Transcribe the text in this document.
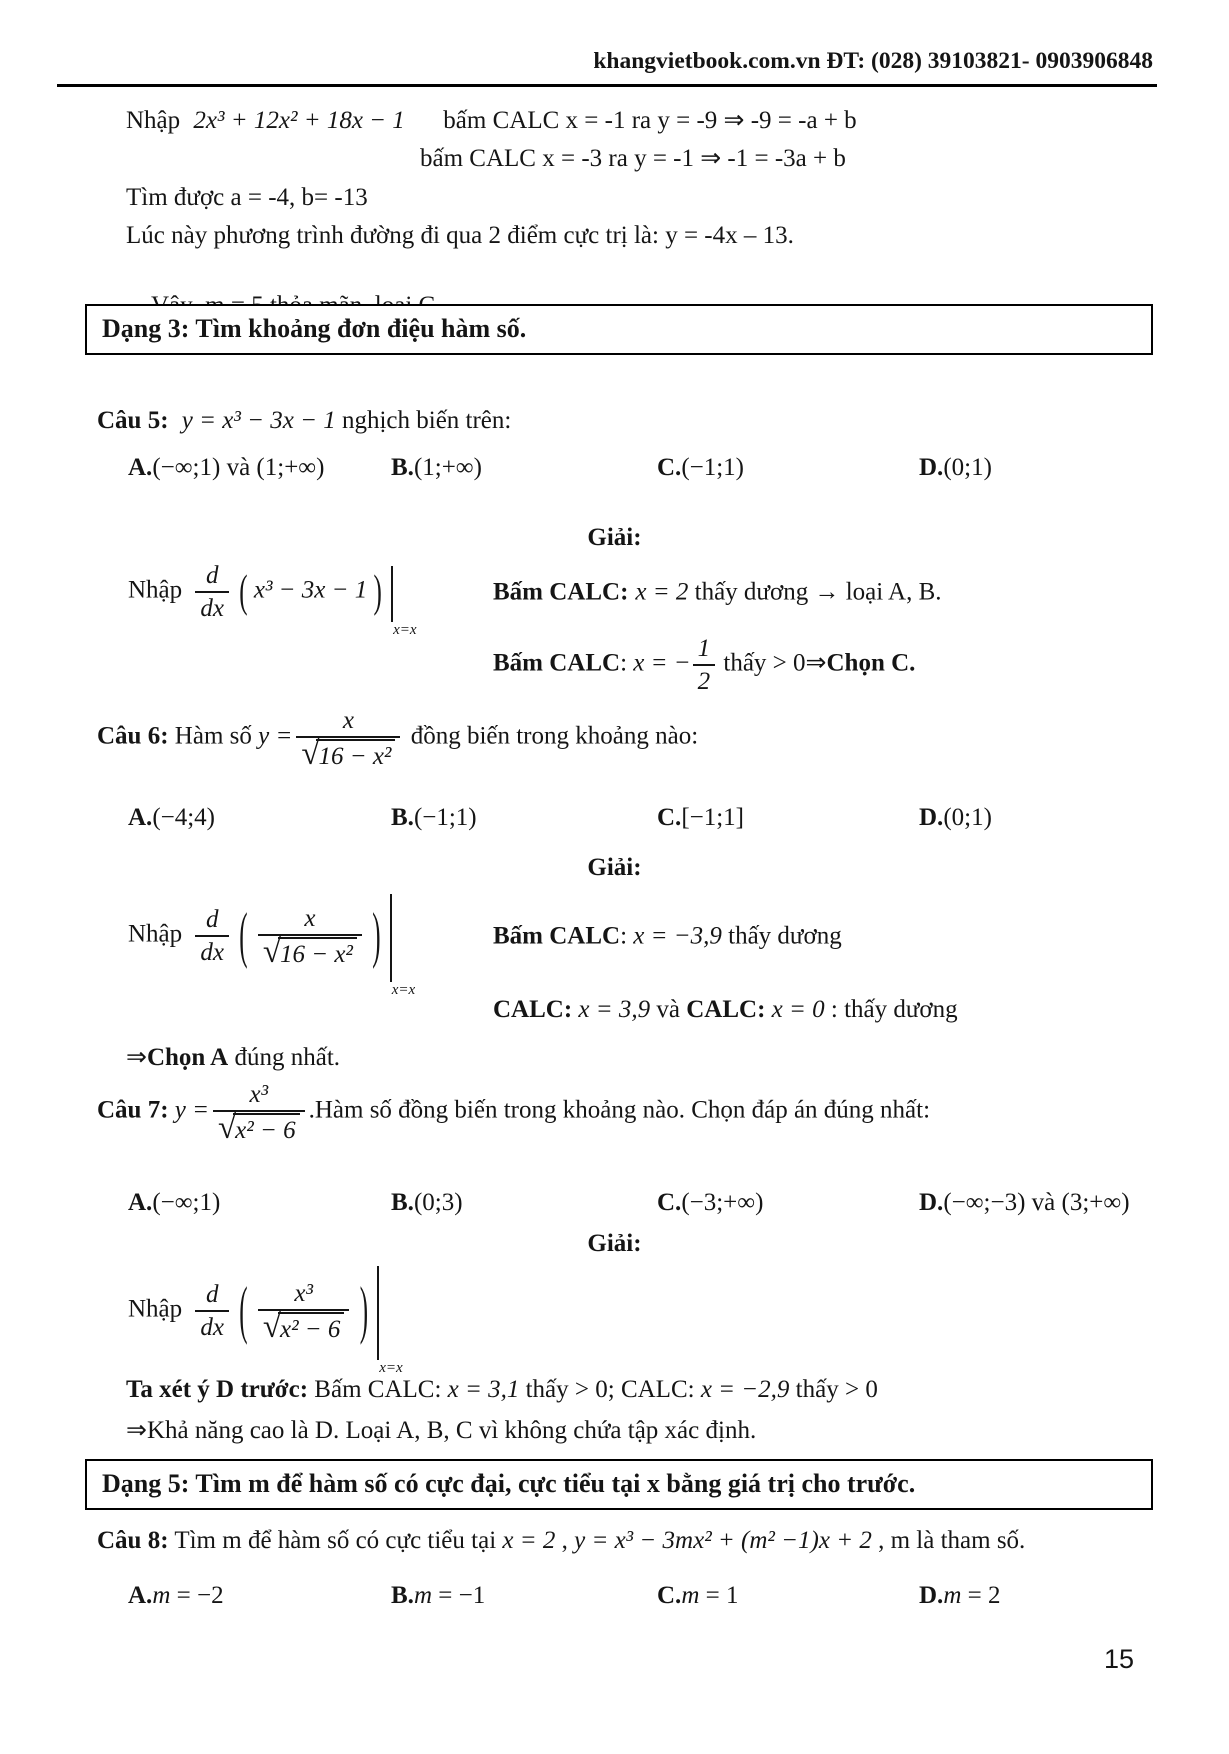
khangvietbook.com.vn ĐT: (028) 39103821- 0903906848
Nhập 2x³ + 12x² + 18x − 1 bấm CALC x = -1 ra y = -9 ⇒ -9 = -a + b
bấm CALC x = -3 ra y = -1 ⇒ -1 = -3a + b
Tìm được a = -4, b= -13
Lúc này phương trình đường đi qua 2 điểm cực trị là: y = -4x – 13.

Dạng 3: Tìm khoảng đơn điệu hàm số.
Câu 5: y = x³ − 3x − 1 nghịch biến trên:
A.(−∞;1) và (1;+∞)	B.(1;+∞)	C.(−1;1)	D.(0;1)
Giải:
Nhập $\frac{d}{dx}$ ( x³ − 3x − 1 )
x=x
Bấm CALC: x = 2 thấy dương → loại A, B.
Bấm CALC: x = − $\frac{1}{2}$ thấy > 0⇒Chọn C.
Câu 6: Hàm số $y = \frac{x}{\text{√ 16 − x²}}$ đồng biến trong khoảng nào:
A.(−4;4)	B.(−1;1)	C.[−1;1]	D.(0;1)
Giải:
Nhập $\frac{d}{dx}$ ( $\frac{x}{\text{√ 16 − x²}}$ )
x=x
Bấm CALC: x = −3,9 thấy dương
CALC: x = 3,9 và CALC: x = 0 : thấy dương
⇒Chọn A đúng nhất.
Câu 7: $y = \frac{\text{x³}}{\text{√ x² − 6}}$ .Hàm số đồng biến trong khoảng nào. Chọn đáp án đúng nhất:
A.(−∞;1)	B.(0;3)	C.(−3;+∞)	D.(−∞;−3) và (3;+∞)
Giải:
Nhập $\frac{d}{dx}$ ( $\frac{\text{x³}}{\text{√ x² − 6}}$ )
x=x
Ta xét ý D trước: Bấm CALC: x = 3,1 thấy > 0; CALC: x = −2,9 thấy > 0
⇒Khả năng cao là D. Loại A, B, C vì không chứa tập xác định.
Dạng 5: Tìm m để hàm số có cực đại, cực tiểu tại x bằng giá trị cho trước.
Câu 8: Tìm m để hàm số có cực tiểu tại x = 2 , y = x³ − 3mx² + (m² −1)x + 2 , m là tham số.
A.m = −2	B.m = −1	C.m = 1	D.m = 2
15
